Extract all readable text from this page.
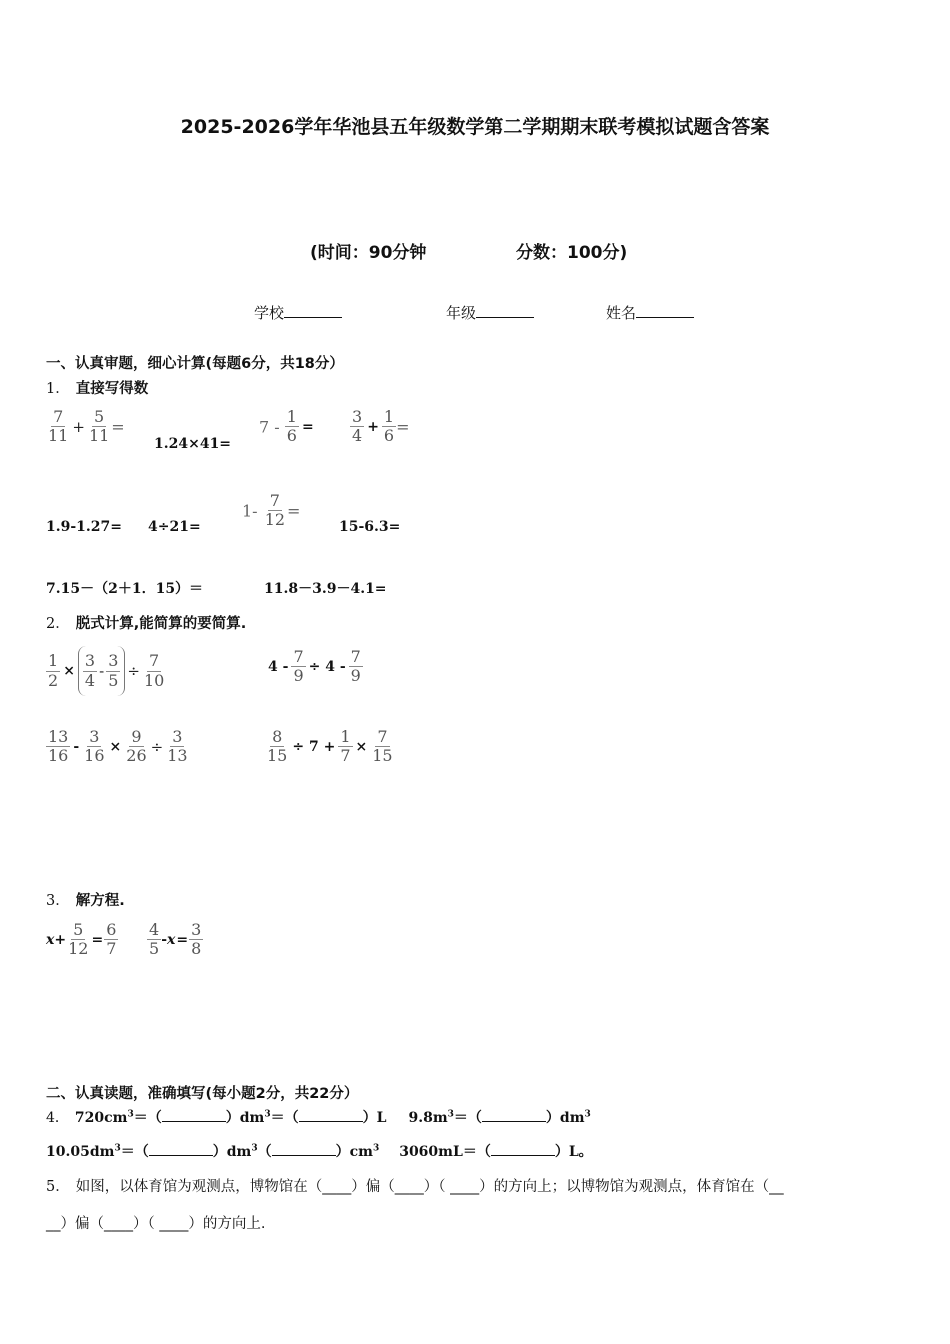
2025-2026学年华池县五年级数学第二学期期末联考模拟试题含答案
(时间：90分钟	分数：100分)
学校	年级	姓名
一、认真审题，细心计算(每题6分，共18分）
1． 直接写得数
$\frac{7}{11} + \frac{5}{11}$ =
1.24×41=
$7 - \frac{1}{6} = \frac{3}{4} + \frac{1}{6}$ =
1.9-1.27= 4÷21=
$1- \frac{7}{12}$ =
15-6.3=
7.15－（2＋1．15）＝	11.8－3.9－4.1=
2． 脱式计算,能简算的要简算.
$\frac{1}{2} \times \frac{3}{4} - \frac{3}{5} \div \frac{7}{10}$	$4 - \frac{7}{9} \div 4 - \frac{7}{9}$
$\frac{13}{16} - \frac{3}{16} \times \frac{9}{26} \div \frac{3}{13}$	$\frac{8}{15} \div 7 + \frac{1}{7} \times \frac{7}{15}$
3． 解方程.
$x+ \frac{5}{12} = \frac{6}{7} \frac{4}{5} -x= \frac{3}{8}$
二、认真读题，准确填写(每小题2分，共22分）
4． $720cm^3=$（	）$dm^3=$（	）L $9.8m^3=$（	）$dm^3$
$10.05dm^3=$（	）$dm^3$（	）$cm^3$ 3060mL＝（	）L。
5． 如图，以体育馆为观测点，博物馆在（____）偏（____）（ ____）的方向上；以博物馆为观测点，体育馆在（__
__）偏（____）（ ____）的方向上.
